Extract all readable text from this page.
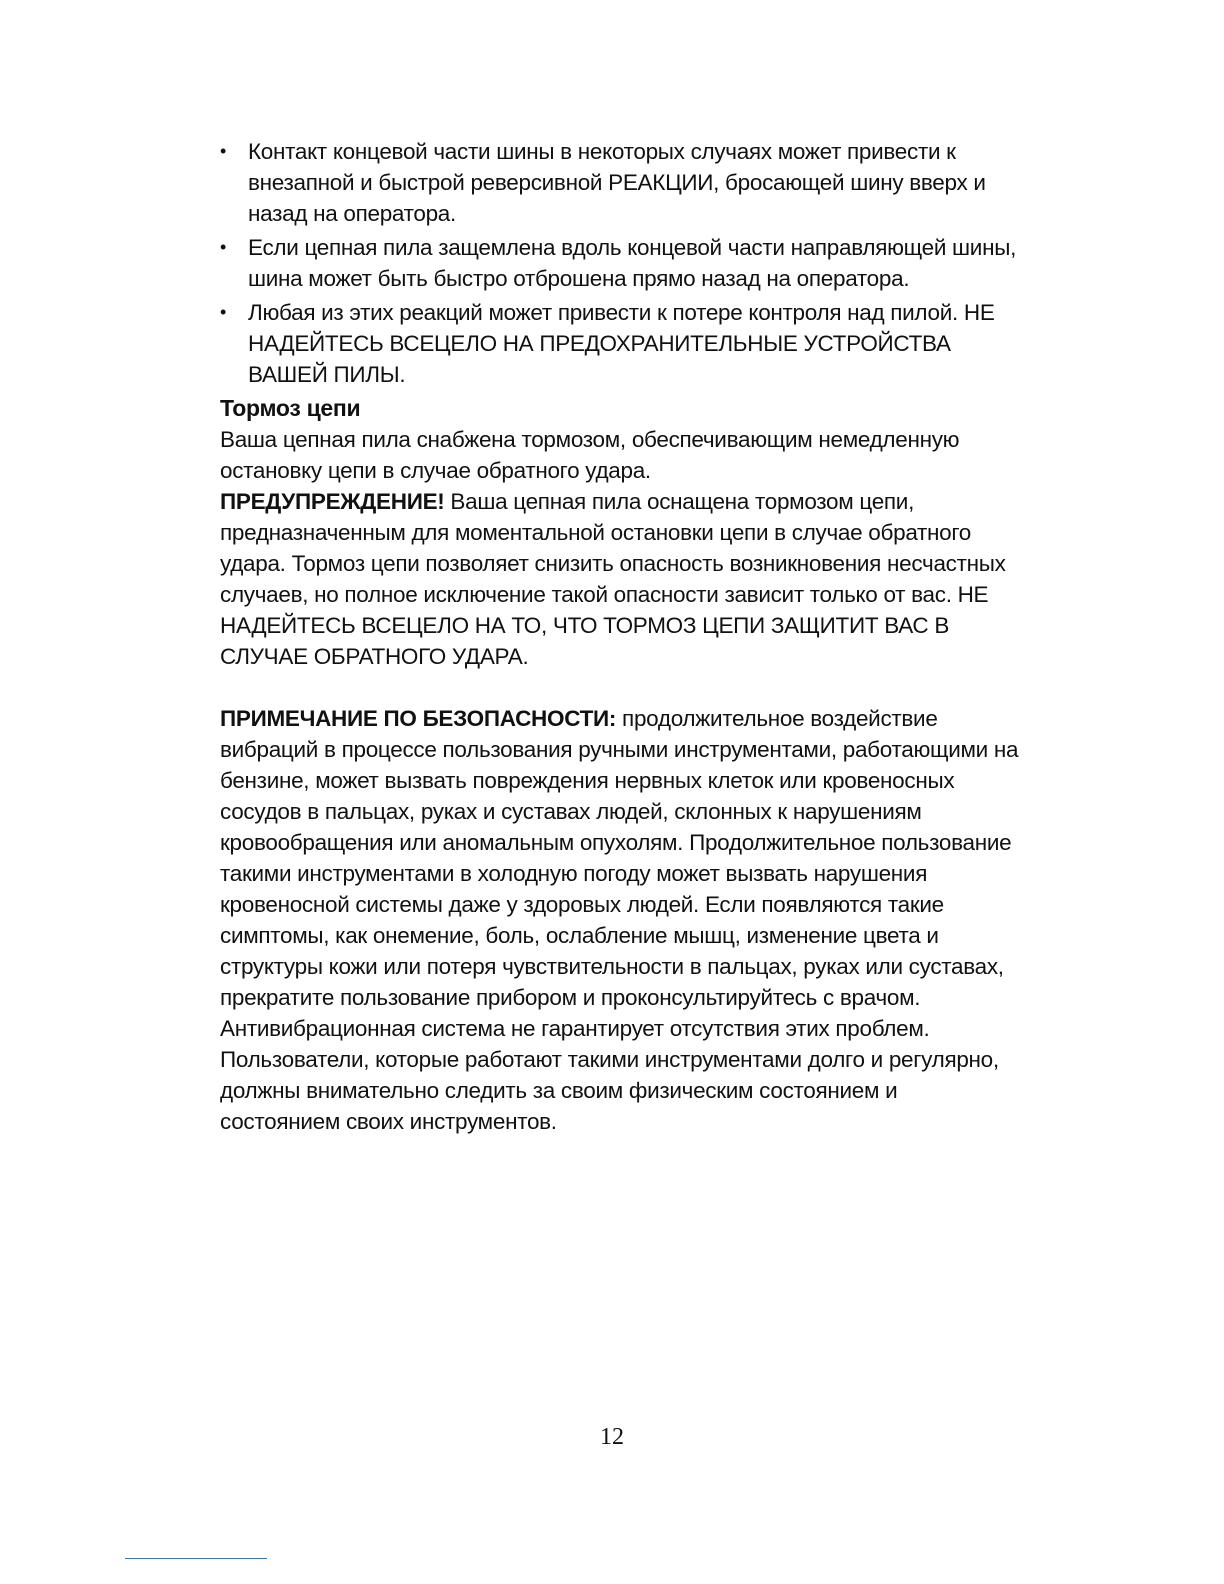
• Контакт концевой части шины в некоторых случаях может привести к внезапной и быстрой реверсивной РЕАКЦИИ, бросающей шину вверх и назад на оператора.
• Если цепная пила защемлена вдоль концевой части направляющей шины, шина может быть быстро отброшена прямо назад на оператора.
• Любая из этих реакций может привести к потере контроля над пилой. НЕ НАДЕЙТЕСЬ ВСЕЦЕЛО НА ПРЕДОХРАНИТЕЛЬНЫЕ УСТРОЙСТВА ВАШЕЙ ПИЛЫ.
Тормоз цепи

Ваша цепная пила снабжена тормозом, обеспечивающим немедленную остановку цепи в случае обратного удара.

ПРЕДУПРЕЖДЕНИЕ! Ваша цепная пила оснащена тормозом цепи, предназначенным для моментальной остановки цепи в случае обратного удара. Тормоз цепи позволяет снизить опасность возникновения несчастных случаев, но полное исключение такой опасности зависит только от вас. НЕ НАДЕЙТЕСЬ ВСЕЦЕЛО НА ТО, ЧТО ТОРМОЗ ЦЕПИ ЗАЩИТИТ ВАС В СЛУЧАЕ ОБРАТНОГО УДАРА.

ПРИМЕЧАНИЕ ПО БЕЗОПАСНОСТИ: продолжительное воздействие вибраций в процессе пользования ручными инструментами, работающими на бензине, может вызвать повреждения нервных клеток или кровеносных сосудов в пальцах, руках и суставах людей, склонных к нарушениям кровообращения или аномальным опухолям. Продолжительное пользование такими инструментами в холодную погоду может вызвать нарушения кровеносной системы даже у здоровых людей. Если появляются такие симптомы, как онемение, боль, ослабление мышц, изменение цвета и структуры кожи или потеря чувствительности в пальцах, руках или суставах, прекратите пользование прибором и проконсультируйтесь с врачом. Антивибрационная система не гарантирует отсутствия этих проблем. Пользователи, которые работают такими инструментами долго и регулярно, должны внимательно следить за своим физическим состоянием и состоянием своих инструментов.

12
